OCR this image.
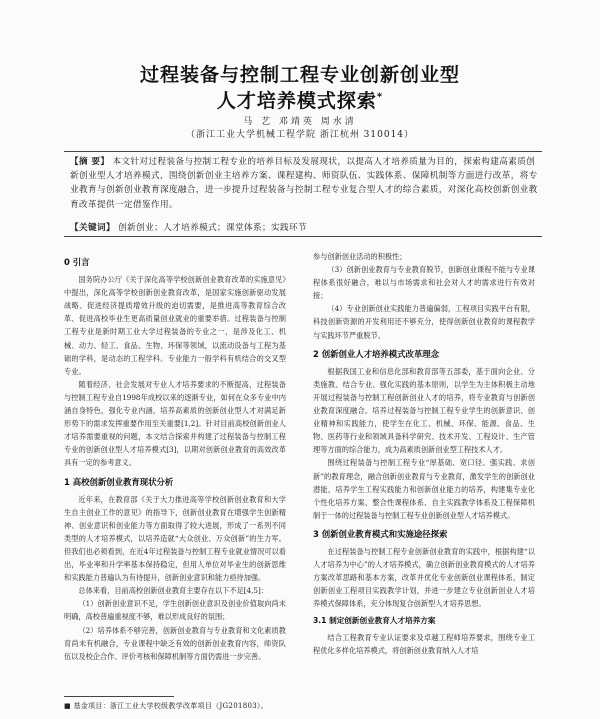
过程装备与控制工程专业创新创业型
人才培养模式探索*
马 艺 邓靖英 周水清
（浙江工业大学机械工程学院 浙江杭州 310014）
【摘 要】 本文针对过程装备与控制工程专业的培养目标及发展现状，以提高人才培养质量为目的，探索构建高素质创新创业型人才培养模式，围绕创新创业主培养方案、课程建构、师资队伍、实践体系、保障机制等方面进行改革，将专业教育与创新创业教育深度融合，进一步提升过程装备与控制工程专业复合型人才的综合素质，对深化高校创新创业教育改革提供一定借鉴作用。
【关键词】 创新创业；人才培养模式；课堂体系；实践环节
0 引言

国务院办公厅《关于深化高等学校创新创业教育改革的实施意见》中提出，深化高等学校创新创业教育改革，是国家实施创新驱动发展战略、促进经济提质增效升级的迫切需要，是推进高等教育综合改革、促进高校毕业生更高质量创业就业的重要举措。过程装备与控制工程专业是新时期工业大学过程装备的专业之一，是涉及化工、机械、动力、轻工、食品、生物、环保等领域，以流动设备与工程为基础的学科，是动态的工程学科。专业能力一般学科有机结合的交叉型专业。

随着经济、社会发展对专业人才培养要求的不断提高，过程装备与控制工程专业自1998年成校以来的逐渐专业，如何在众多专业中内涵自身特色，强化专业内涵，培养高素质的创新创业型人才对满足新形势下的需求发挥重要作用至关重要[1,2]。针对目前高校创新创业人才培养需要重视的问题，本文结合探索并构建了过程装备与控制工程专业的创新创业型人才培养模式[3]，以期对创新创业教育的高效改革具有一定的参考意义。

1 高校创新创业教育现状分析

近年来，在教育部《关于大力推进高等学校创新创业教育和大学生自主创业工作的意见》的指导下，创新创业教育在增强学生创新精神、创业意识和创业能力等方面取得了较大进展，形成了一系列不同类型的人才培养模式，以培养造就“大众创业、万众创新”的生力军。但我们也必须看到，在近4年过程装备与控制工程专业就业情况可以看出，毕业率和升学率基本保持稳定，但用人单位对毕业生的创新思维和实践能力普遍认为有待提升，创新创业意识和能力亟待加强。

总体来看，目前高校创新创业教育主要存在以下不足[4,5]：

（1）创新创业意识不足，学生创新创业意识及创业价值取向尚未明确，高校普遍重视度不够，难以形成良好的氛围；

（2）培养体系不够完善，创新创业教育与专业教育和文化素质教育尚未有机融合，专业课程中缺乏有效的创新创业教育内容，师资队伍以及校企合作、评价考核和保障机制等方面仍需进一步完善。

参与创新创业活动的积极性；

（3）创新创业教育与专业教育脱节，创新创业课程不能与专业课程体系很好融合，难以与市场需求和社会对人才的需求进行有效对接；

（4）专业创新创业实践能力普遍偏弱，工程项目实践平台有限，科技创新资源的开发利用还不够充分，使得创新创业教育的课程教学与实践环节严重脱节。

2 创新创业人才培养模式改革理念

根据我国工业和信息化部和教育部等五部委，基于面向企业、分类施教、结合专业、强化实践的基本原则，以学生为主体积极主动地开展过程装备与控制工程创新创业人才的培养，将专业教育与创新创业教育深度融合。培养过程装备与控制工程专业学生的创新意识、创业精神和实践能力，使学生在化工、机械、环保、能源、食品、生物、医药等行业和领域具备科学研究、技术开发、工程设计、生产管理等方面的综合能力，成为高素质创新创业型工程技术人才。

围绕过程装备与控制工程专业“厚基础、宽口径、强实践、求创新”的教育理念，融合创新创业教育与专业教育，激发学生的创新创业潜能，培养学生工程实践能力和创新创业能力的培养，构建集专业化个性化培养方案、整合性课程体系、自主实践教学体系及工程保障机制于一体的过程装备与控制工程专业创新创业型人才培养模式。

3 创新创业教育模式和实施途径探索

在过程装备与控制工程专业创新创业教育的实践中，根据构建“以人才培养为中心”的人才培养模式，确立创新创业教育模式的人才培养方案改革思路和基本方案，改革并优化专业创新创业课程体系，制定创新创业工程项目实践教学计划，并进一步建立专业创新创业人才培养模式保障体系，充分体现复合创新型人才培养思想。

3.1 制定创新创业教育人才培养方案

结合工程教育专业认证要求及卓越工程师培养要求，围绕专业工程优化多样化培养模式，将创新创业教育纳入人才培

■ 基金项目：浙江工业大学校级教学改革项目（JG201803）。
